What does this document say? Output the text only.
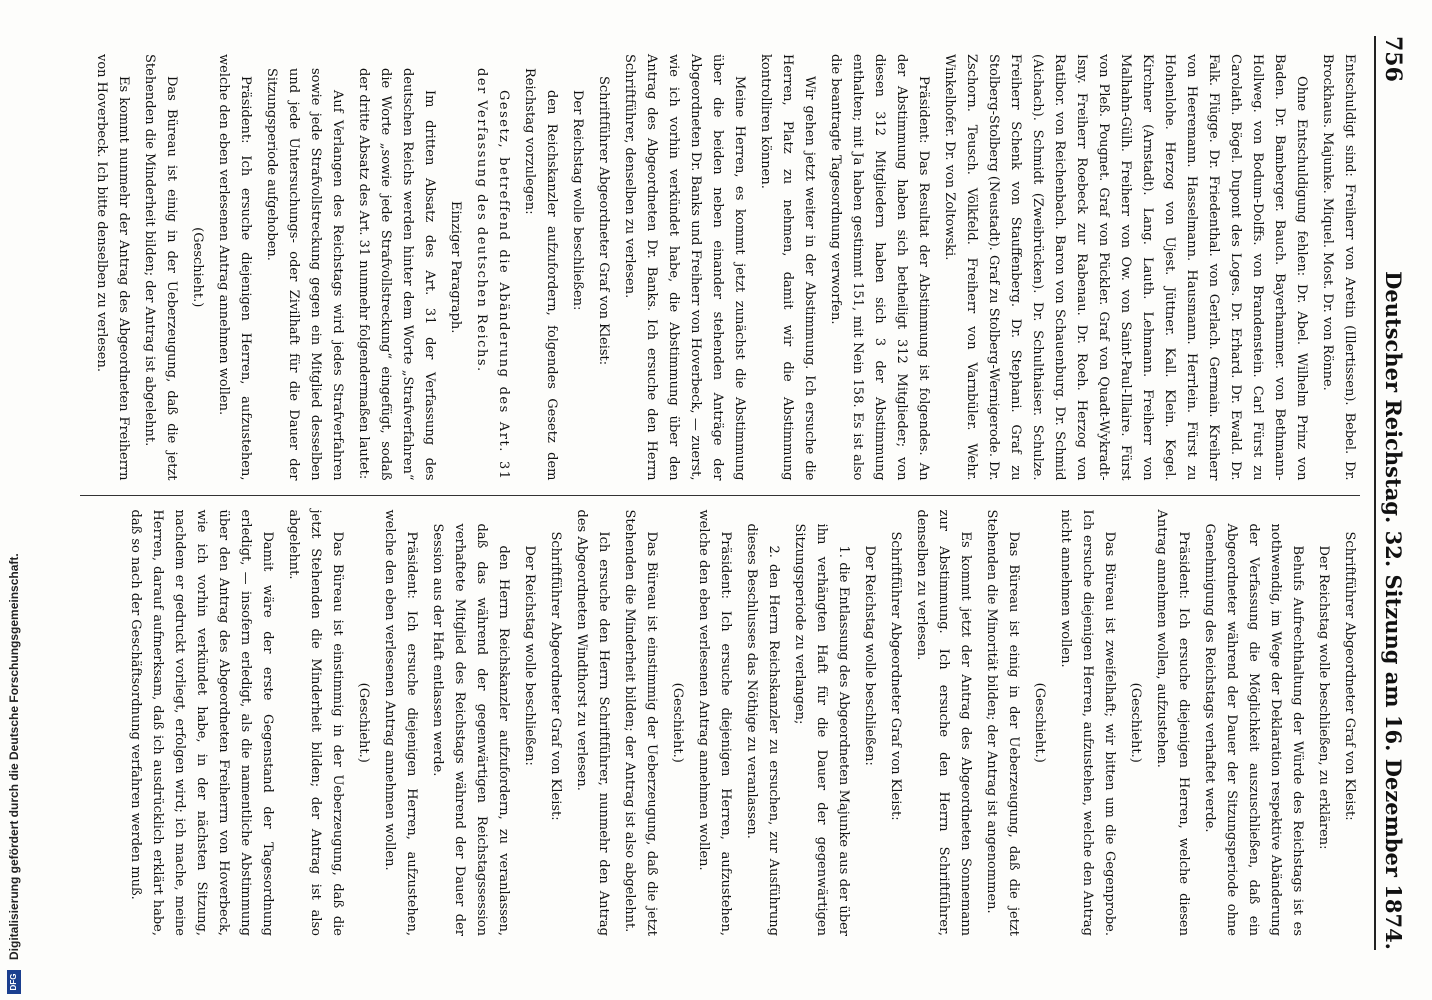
756
Deutscher Reichstag. 32. Sitzung am 16. Dezember 1874.

Entschuldigt sind: Freiherr von Aretin (Illertissen). Bebel. Dr. Brockhaus. Majunke. Miquel. Most. Dr. von Rönne.

Ohne Entschuldigung fehlen: Dr. Abel. Wilhelm Prinz von Baden. Dr. Bamberger. Bauch. Bayerhammer. von Bethmann-Hollweg. von Bodum-Dolffs. von Brandenstein. Carl Fürst zu Carolath. Bögel. Dupont des Loges. Dr. Erhard. Dr. Ewald. Dr. Falk. Flügge. Dr. Friedenthal. von Gerlach. Germain. Kreiherr von Heeremann. Hasselmann. Hausmann. Herrlein. Fürst zu Hohenlohe. Herzog von Ujest. Jüttner. Kall. Klein. Kegel. Kirchner (Arnstadt). Lang. Lauth. Lehmann. Freiherr von Malhahn-Gülh. Freiherr von Ow. von Saint-Paul-Illaire. Fürst von Pleß. Pougnet. Graf von Pückler. Graf von Quadt-Wykradt-Isny. Freiherr Roebeck zur Rabenau. Dr. Roeh. Herzog von Ratibor. von Reichenbach. Baron von Schauenburg. Dr. Schmid (Aichach). Schmidt (Zweibrücken). Dr. Schulthaiser. Schulze. Freiherr Schenk von Stauffenberg. Dr. Stephani. Graf zu Stolberg-Stolberg (Neustadt). Graf zu Stolberg-Wernigerode. Dr. Zschorn. Teusch. Völkfeld. Freiherr von Varnbüler. Wehr. Winkelhofer. Dr. von Zoltowski.

Präsident: Das Resultat der Abstimmung ist folgendes. An der Abstimmung haben sich betheiligt 312 Mitglieder; von diesen 312 Mitgliedern haben sich 3 der Abstimmung enthalten; mit Ja haben gestimmt 151, mit Nein 158. Es ist also die beantragte Tagesordnung verworfen.

Wir gehen jetzt weiter in der Abstimmung. Ich ersuche die Herren, Platz zu nehmen, damit wir die Abstimmung kontrolliren können.

Meine Herren, es kommt jetzt zunächst die Abstimmung über die beiden neben einander stehenden Anträge der Abgeordneten Dr. Banks und Freiherr von Hoverbeck, — zuerst, wie ich vorhin verkündet habe, die Abstimmung über den Antrag des Abgeordneten Dr. Banks. Ich ersuche den Herrn Schriftführer, denselben zu verlesen.

Schriftführer Abgeordneter Graf von Kleist:

Der Reichstag wolle beschließen:

den Reichskanzler aufzufordern, folgendes Gesetz dem Reichstag vorzulegen:

Gesetz, betreffend die Abänderung des Art. 31 der Verfassung des deutschen Reichs.

Einziger Paragraph.

Im dritten Absatz des Art. 31 der Verfassung des deutschen Reichs werden hinter dem Worte „Strafverfahren“ die Worte „sowie jede Strafvollstreckung“ eingefügt, sodaß der dritte Absatz des Art. 31 nunmehr folgendermaßen lautet:

Auf Verlangen des Reichstags wird jedes Strafverfahren sowie jede Strafvollstreckung gegen ein Mitglied desselben und jede Untersuchungs- oder Zivilhaft für die Dauer der Sitzungsperiode aufgehoben.

Präsident: Ich ersuche diejenigen Herren, aufzustehen, welche den eben verlesenen Antrag annehmen wollen.

(Geschieht.)

Das Büreau ist einig in der Ueberzeugung, daß die jetzt Stehenden die Minderheit bilden; der Antrag ist abgelehnt.

Es kommt nunmehr der Antrag des Abgeordneten Freiherrn von Hoverbeck. Ich bitte denselben zu verlesen.

Schriftführer Abgeordneter Graf von Kleist:

Der Reichstag wolle beschließen, zu erklären:

Behufs Aufrechthaltung der Würde des Reichstags ist es nothwendig, im Wege der Deklaration respektive Abänderung der Verfassung die Möglichkeit auszuschließen, daß ein Abgeordneter während der Dauer der Sitzungsperiode ohne Genehmigung des Reichstags verhaftet werde.

Präsident: Ich ersuche diejenigen Herren, welche diesen Antrag annehmen wollen, aufzustehen.

(Geschieht.)

Das Büreau ist zweifelhaft; wir bitten um die Gegenprobe. Ich ersuche diejenigen Herren, aufzustehen, welche den Antrag nicht annehmen wollen.

(Geschieht.)

Das Büreau ist einig in der Ueberzeugung, daß die jetzt Stehenden die Minorität bilden; der Antrag ist angenommen.

Es kommt jetzt der Antrag des Abgeordneten Sonnemann zur Abstimmung. Ich ersuche den Herrn Schriftführer, denselben zu verlesen.

Schriftführer Abgeordneter Graf von Kleist:

Der Reichstag wolle beschließen:

1. die Entlassung des Abgeordneten Majunke aus der über ihn verhängten Haft für die Dauer der gegenwärtigen Sitzungsperiode zu verlangen;

2. den Herrn Reichskanzler zu ersuchen, zur Ausführung dieses Beschlusses das Nöthige zu veranlassen.

Präsident: Ich ersuche diejenigen Herren, aufzustehen, welche den eben verlesenen Antrag annehmen wollen.

(Geschieht.)

Das Büreau ist einstimmig der Ueberzeugung, daß die jetzt Stehenden die Minderheit bilden; der Antrag ist also abgelehnt.

Ich ersuche den Herrn Schriftführer, nunmehr den Antrag des Abgeordneten Windthorst zu verlesen.

Schriftführer Abgeordneter Graf von Kleist:

Der Reichstag wolle beschließen:

den Herrn Reichskanzler aufzufordern, zu veranlassen, daß das während der gegenwärtigen Reichstagssession verhaftete Mitglied des Reichstags während der Dauer der Session aus der Haft entlassen werde.

Präsident: Ich ersuche diejenigen Herren, aufzustehen, welche den eben verlesenen Antrag annehmen wollen.

(Geschieht.)

Das Büreau ist einstimmig in der Ueberzeugung, daß die jetzt Stehenden die Minderheit bilden; der Antrag ist also abgelehnt.

Damit wäre der erste Gegenstand der Tagesordnung erledigt, — insofern erledigt, als die namentliche Abstimmung über den Antrag des Abgeordneten Freiherrn von Hoverbeck, wie ich vorhin verkündet habe, in der nächsten Sitzung, nachdem er gedruckt vorliegt, erfolgen wird; ich mache, meine Herren, darauf aufmerksam, daß ich ausdrücklich erklärt habe, daß so nach der Geschäftsordnung verfahren werden muß.

DFG
Digitalisierung gefördert durch die Deutsche Forschungsgemeinschaft.
